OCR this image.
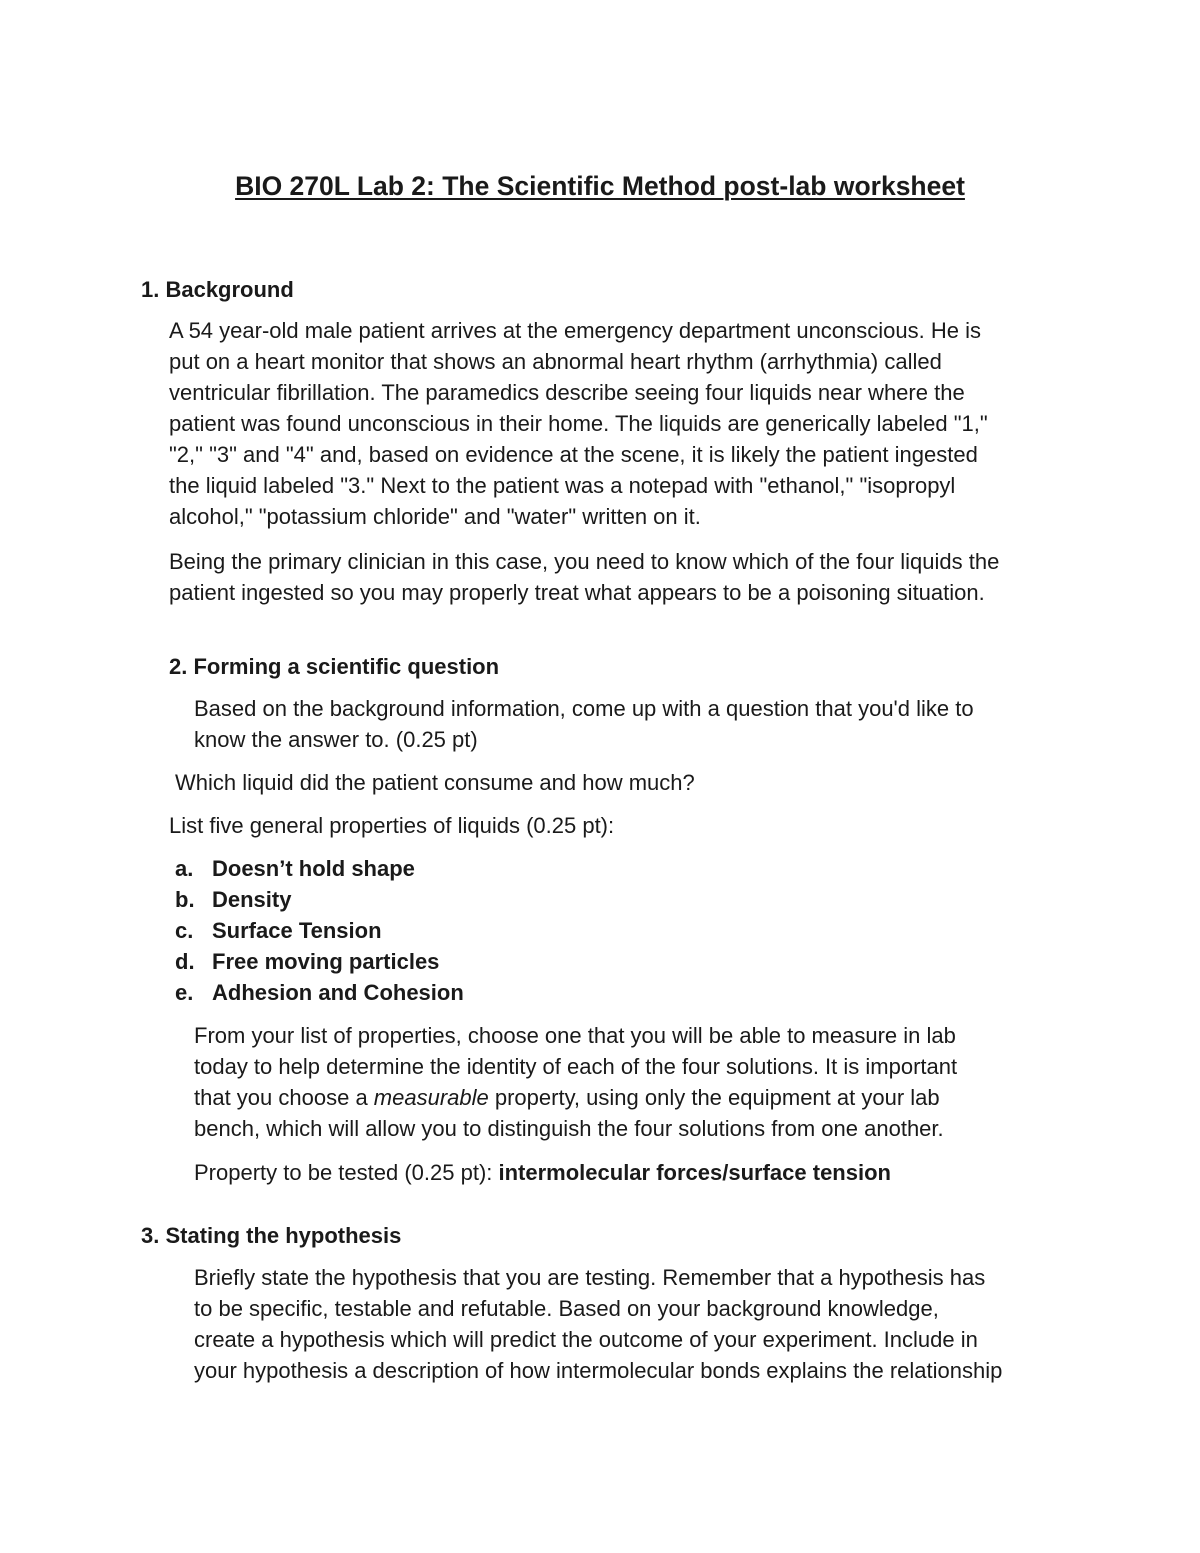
BIO 270L Lab 2: The Scientific Method post-lab worksheet
1. Background

A 54 year-old male patient arrives at the emergency department unconscious. He is
put on a heart monitor that shows an abnormal heart rhythm (arrhythmia) called
ventricular fibrillation. The paramedics describe seeing four liquids near where the
patient was found unconscious in their home. The liquids are generically labeled "1,"
"2," "3" and "4" and, based on evidence at the scene, it is likely the patient ingested
the liquid labeled "3." Next to the patient was a notepad with "ethanol," "isopropyl
alcohol," "potassium chloride" and "water" written on it.

Being the primary clinician in this case, you need to know which of the four liquids the
patient ingested so you may properly treat what appears to be a poisoning situation.

2. Forming a scientific question

Based on the background information, come up with a question that you'd like to
know the answer to. (0.25 pt)

Which liquid did the patient consume and how much?

List five general properties of liquids (0.25 pt):

a. Doesn’t hold shape
b. Density
c. Surface Tension
d. Free moving particles
e. Adhesion and Cohesion

From your list of properties, choose one that you will be able to measure in lab
today to help determine the identity of each of the four solutions. It is important
that you choose a measurable property, using only the equipment at your lab
bench, which will allow you to distinguish the four solutions from one another.

Property to be tested (0.25 pt): intermolecular forces/surface tension

3. Stating the hypothesis

Briefly state the hypothesis that you are testing. Remember that a hypothesis has
to be specific, testable and refutable. Based on your background knowledge,
create a hypothesis which will predict the outcome of your experiment. Include in
your hypothesis a description of how intermolecular bonds explains the relationship
